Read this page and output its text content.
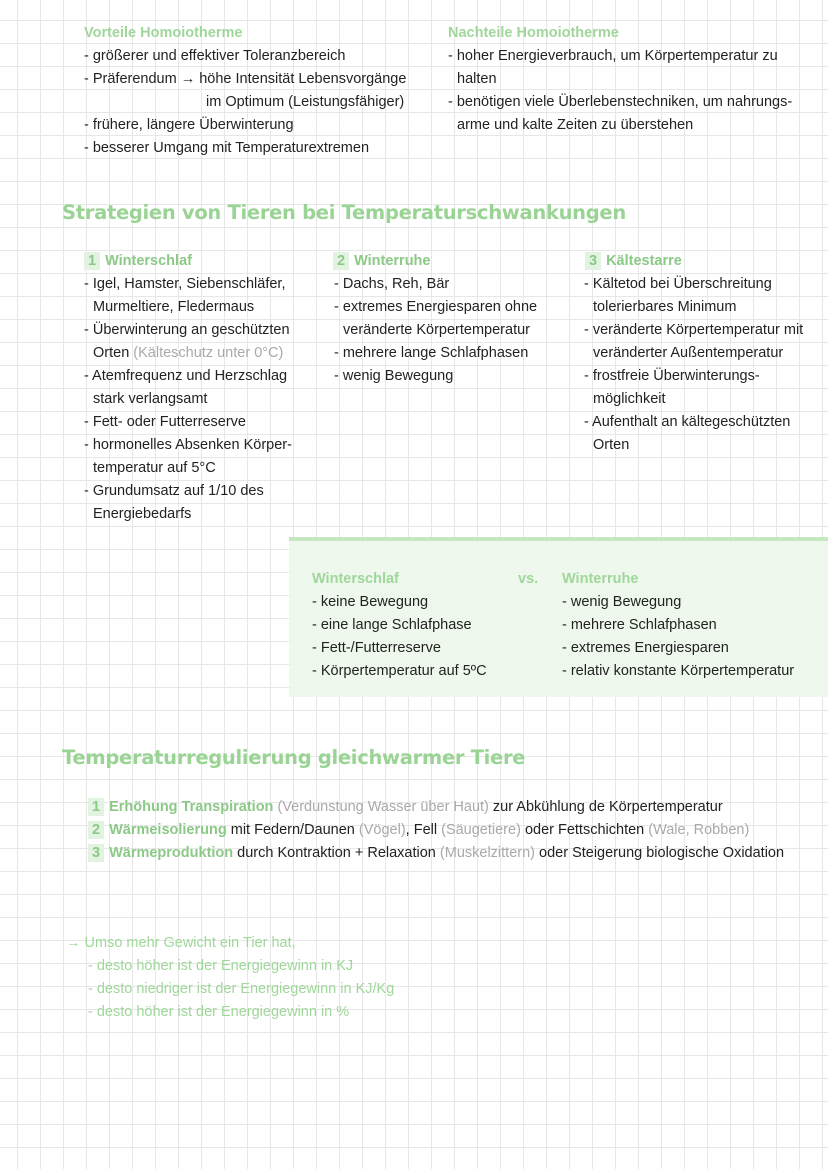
Vorteile Homoiotherme
- größerer und effektiver Toleranzbereich
- Präferendum → höhe Intensität Lebensvorgänge
im Optimum (Leistungsfähiger)
- frühere, längere Überwinterung
- besserer Umgang mit Temperaturextremen
Nachteile Homoiotherme
- hoher Energieverbrauch, um Körpertemperatur zu
halten
- benötigen viele Überlebenstechniken, um nahrungs-
arme und kalte Zeiten zu überstehen
Strategien von Tieren bei Temperaturschwankungen
1 Winterschlaf
- Igel, Hamster, Siebenschläfer,
Murmeltiere, Fledermaus
- Überwinterung an geschützten
Orten (Kälteschutz unter 0°C)
- Atemfrequenz und Herzschlag
stark verlangsamt
- Fett- oder Futterreserve
- hormonelles Absenken Körper-
temperatur auf 5°C
- Grundumsatz auf 1/10 des
Energiebedarfs
2 Winterruhe
- Dachs, Reh, Bär
- extremes Energiesparen ohne
veränderte Körpertemperatur
- mehrere lange Schlafphasen
- wenig Bewegung
3 Kältestarre
- Kältetod bei Überschreitung
tolerierbares Minimum
- veränderte Körpertemperatur mit
veränderter Außentemperatur
- frostfreie Überwinterungs-
möglichkeit
- Aufenthalt an kältegeschützten
Orten
Winterschlaf	vs. Winterruhe
- keine Bewegung
- eine lange Schlafphase
- Fett-/Futterreserve
- Körpertemperatur auf 5ºC
- wenig Bewegung
- mehrere Schlafphasen
- extremes Energiesparen
- relativ konstante Körpertemperatur
Temperaturregulierung gleichwarmer Tiere
1 Erhöhung Transpiration (Verdunstung Wasser über Haut) zur Abkühlung de Körpertemperatur
2 Wärmeisolierung mit Federn/Daunen (Vögel), Fell (Säugetiere) oder Fettschichten (Wale, Robben)
3 Wärmeproduktion durch Kontraktion + Relaxation (Muskelzittern) oder Steigerung biologische Oxidation
→ Umso mehr Gewicht ein Tier hat,
- desto höher ist der Energiegewinn in KJ
- desto niedriger ist der Energiegewinn in KJ/Kg
- desto höher ist der Energiegewinn in %
